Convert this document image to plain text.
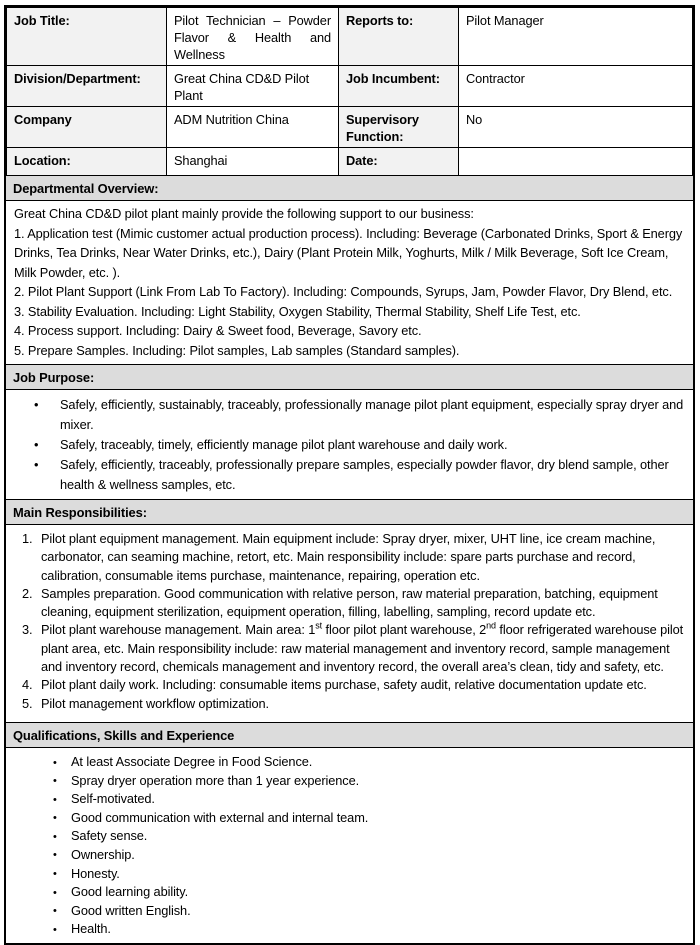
Job Title:	Pilot Technician – Powder Flavor & Health and Wellness	Reports to:	Pilot Manager
Division/Department:	Great China CD&D Pilot Plant	Job Incumbent:	Contractor
Company	ADM Nutrition China	Supervisory Function:	No
Location:	Shanghai	Date:	
Departmental Overview:

Great China CD&D pilot plant mainly provide the following support to our business:

1. Application test (Mimic customer actual production process). Including: Beverage (Carbonated Drinks, Sport & Energy Drinks, Tea Drinks, Near Water Drinks, etc.), Dairy (Plant Protein Milk, Yoghurts, Milk / Milk Beverage, Soft Ice Cream, Milk Powder, etc. ).

2. Pilot Plant Support (Link From Lab To Factory). Including: Compounds, Syrups, Jam, Powder Flavor, Dry Blend, etc.

3. Stability Evaluation. Including: Light Stability, Oxygen Stability, Thermal Stability, Shelf Life Test, etc.

4. Process support. Including: Dairy & Sweet food, Beverage, Savory etc.

5. Prepare Samples. Including: Pilot samples, Lab samples (Standard samples).

Job Purpose:
• Safely, efficiently, sustainably, traceably, professionally manage pilot plant equipment, especially spray dryer and mixer.
• Safely, traceably, timely, efficiently manage pilot plant warehouse and daily work.
• Safely, efficiently, traceably, professionally prepare samples, especially powder flavor, dry blend sample, other health & wellness samples, etc.
Main Responsibilities:
Pilot plant equipment management. Main equipment include: Spray dryer, mixer, UHT line, ice cream machine, carbonator, can seaming machine, retort, etc. Main responsibility include: spare parts purchase and record, calibration, consumable items purchase, maintenance, repairing, operation etc.
Samples preparation. Good communication with relative person, raw material preparation, batching, equipment cleaning, equipment sterilization, equipment operation, filling, labelling, sampling, record update etc.
Pilot plant warehouse management. Main area: 1st floor pilot plant warehouse, 2nd floor refrigerated warehouse pilot plant area, etc. Main responsibility include: raw material management and inventory record, sample management and inventory record, chemicals management and inventory record, the overall area’s clean, tidy and safety, etc.
Pilot plant daily work. Including: consumable items purchase, safety audit, relative documentation update etc.
Pilot management workflow optimization.
Qualifications, Skills and Experience
• At least Associate Degree in Food Science.
• Spray dryer operation more than 1 year experience.
• Self-motivated.
• Good communication with external and internal team.
• Safety sense.
• Ownership.
• Honesty.
• Good learning ability.
• Good written English.
• Health.
